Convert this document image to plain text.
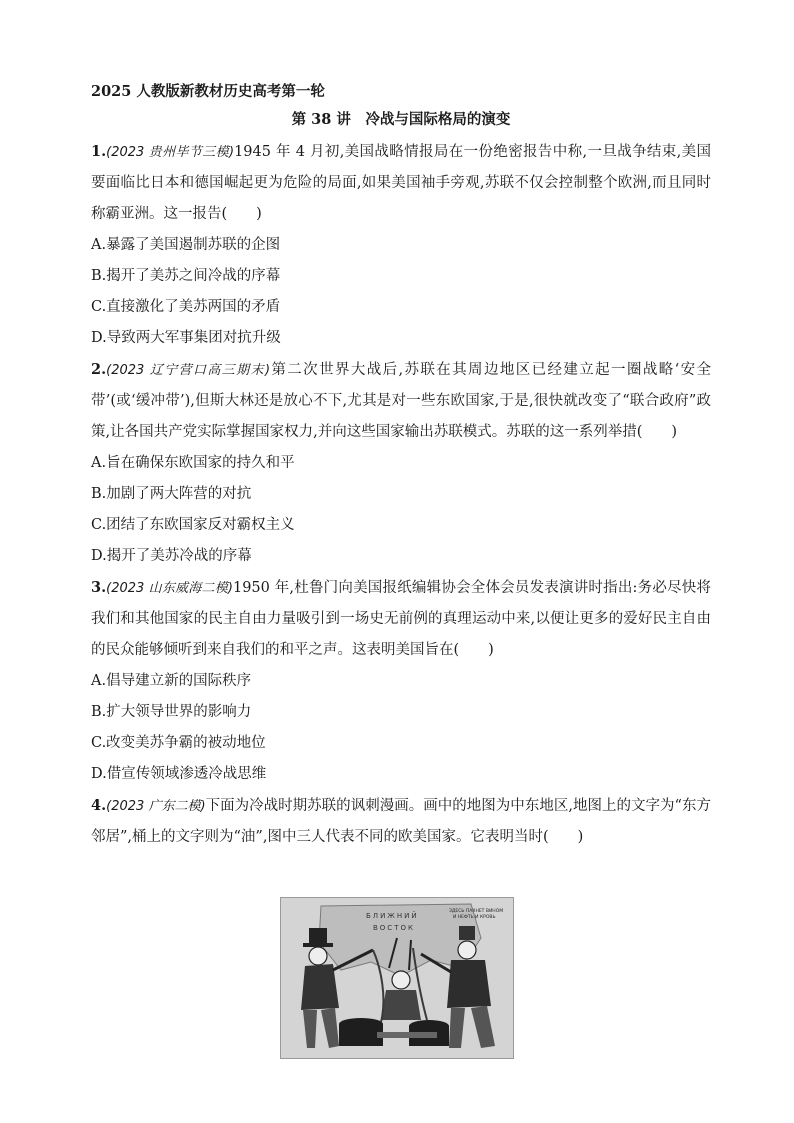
2025 人教版新教材历史高考第一轮
第 38 讲　冷战与国际格局的演变
1.(2023 贵州毕节三模)1945 年 4 月初,美国战略情报局在一份绝密报告中称,一旦战争结束,美国要面临比日本和德国崛起更为危险的局面,如果美国袖手旁观,苏联不仅会控制整个欧洲,而且同时称霸亚洲。这一报告(　　)
A.暴露了美国遏制苏联的企图
B.揭开了美苏之间冷战的序幕
C.直接激化了美苏两国的矛盾
D.导致两大军事集团对抗升级
2.(2023 辽宁营口高三期末)第二次世界大战后,苏联在其周边地区已经建立起一圈战略‘安全带’(或‘缓冲带’),但斯大林还是放心不下,尤其是对一些东欧国家,于是,很快就改变了“联合政府”政策,让各国共产党实际掌握国家权力,并向这些国家输出苏联模式。苏联的这一系列举措(　　)
A.旨在确保东欧国家的持久和平
B.加剧了两大阵营的对抗
C.团结了东欧国家反对霸权主义
D.揭开了美苏冷战的序幕
3.(2023 山东威海二模)1950 年,杜鲁门向美国报纸编辑协会全体会员发表演讲时指出:务必尽快将我们和其他国家的民主自由力量吸引到一场史无前例的真理运动中来,以便让更多的爱好民主自由的民众能够倾听到来自我们的和平之声。这表明美国旨在(　　)
A.倡导建立新的国际秩序
B.扩大领导世界的影响力
C.改变美苏争霸的被动地位
D.借宣传领域渗透冷战思维
4.(2023 广东二模)下面为冷战时期苏联的讽刺漫画。画中的地图为中东地区,地图上的文字为“东方邻居”,桶上的文字则为“油”,图中三人代表不同的欧美国家。它表明当时(　　)
БЛИЖНИЙ
ВОСТОК
ЗДЕСЬ ПАХНЕТ ВИНОМ
И НЕФТЬ И КРОВЬ
